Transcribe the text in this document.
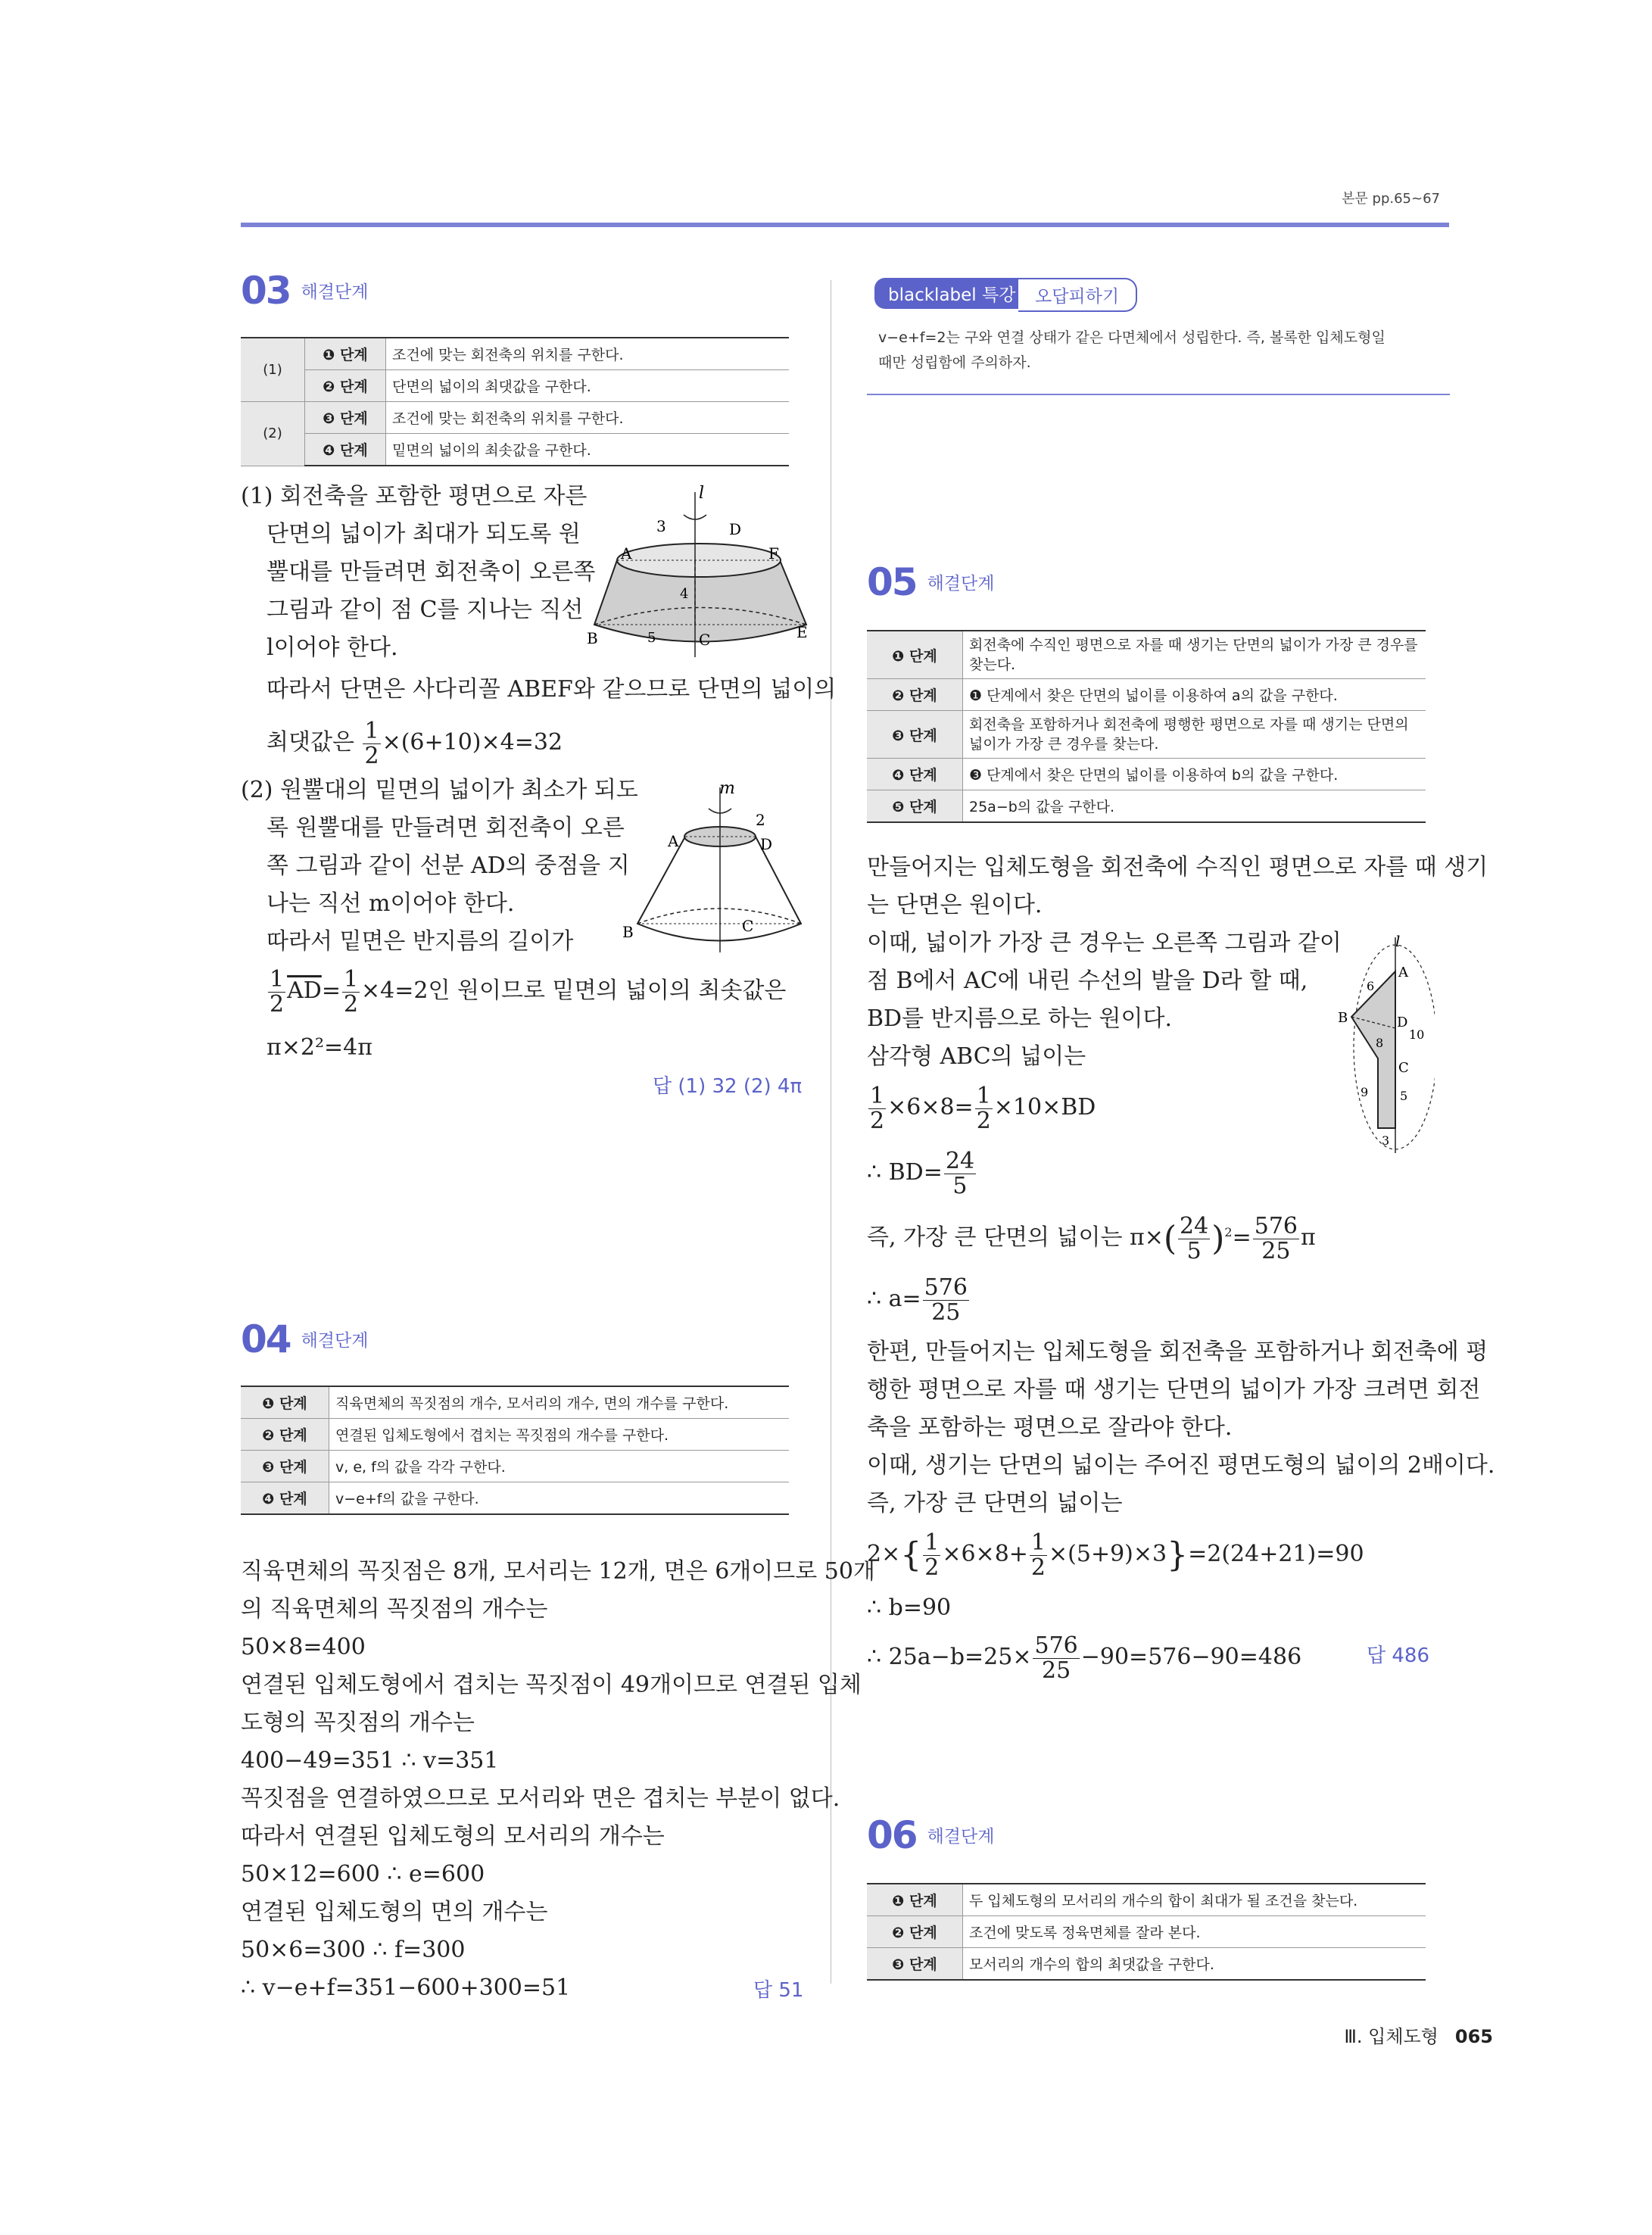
본문 pp.65~67
03 해결단계
(1)	❶ 단계	조건에 맞는 회전축의 위치를 구한다.
	❷ 단계	단면의 넓이의 최댓값을 구한다.
(2)	❸ 단계	조건에 맞는 회전축의 위치를 구한다.
	❹ 단계	밑면의 넓이의 최솟값을 구한다.
(1) 회전축을 포함한 평면으로 자른
단면의 넓이가 최대가 되도록 원
뿔대를 만들려면 회전축이 오른쪽
그림과 같이 점 C를 지나는 직선
l이어야 한다.
따라서 단면은 사다리꼴 ABEF와 같으므로 단면의 넓이의
최댓값은 $\frac{1}{2} \times(6+10)\times 4=32$
(2) 원뿔대의 밑면의 넓이가 최소가 되도
록 원뿔대를 만들려면 회전축이 오른
쪽 그림과 같이 선분 AD의 중점을 지
나는 직선 m이어야 한다.
따라서 밑면은 반지름의 길이가
$\frac{1}{2} \overline{AD}= \frac{1}{2} \times 4=2$인 원이므로 밑면의 넓이의 최솟값은
π×2²=4π
답 (1) 32 (2) 4π
l
3	D
A	F
4
B	5	C	E
m
2
A	D
B	C
04 해결단계
❶ 단계	직육면체의 꼭짓점의 개수, 모서리의 개수, 면의 개수를 구한다.
❷ 단계	연결된 입체도형에서 겹치는 꼭짓점의 개수를 구한다.
❸ 단계	v, e, f의 값을 각각 구한다.
❹ 단계	v−e+f의 값을 구한다.
직육면체의 꼭짓점은 8개, 모서리는 12개, 면은 6개이므로 50개
의 직육면체의 꼭짓점의 개수는
50×8=400
연결된 입체도형에서 겹치는 꼭짓점이 49개이므로 연결된 입체
도형의 꼭짓점의 개수는
400−49=351 ∴ v=351
꼭짓점을 연결하였으므로 모서리와 면은 겹치는 부분이 없다.
따라서 연결된 입체도형의 모서리의 개수는
50×12=600 ∴ e=600
연결된 입체도형의 면의 개수는
50×6=300 ∴ f=300
∴ v−e+f=351−600+300=51	답 51
blacklabel 특강	오답피하기
v−e+f=2는 구와 연결 상태가 같은 다면체에서 성립한다. 즉, 볼록한 입체도형일
때만 성립함에 주의하자.
05 해결단계
❶ 단계	회전축에 수직인 평면으로 자를 때 생기는 단면의 넓이가 가장 큰 경우를 찾는다.
❷ 단계	❶ 단계에서 찾은 단면의 넓이를 이용하여 a의 값을 구한다.
❸ 단계	회전축을 포함하거나 회전축에 평행한 평면으로 자를 때 생기는 단면의 넓이가 가장 큰 경우를 찾는다.
❹ 단계	❸ 단계에서 찾은 단면의 넓이를 이용하여 b의 값을 구한다.
❺ 단계	25a−b의 값을 구한다.
만들어지는 입체도형을 회전축에 수직인 평면으로 자를 때 생기
는 단면은 원이다.
이때, 넓이가 가장 큰 경우는 오른쪽 그림과 같이
점 B에서 AC에 내린 수선의 발을 D라 할 때,
BD를 반지름으로 하는 원이다.
삼각형 ABC의 넓이는
$\frac{1}{2} \times 6\times 8= \frac{1}{2} \times 10\times BD$
∴ $BD= \frac{24}{5}$
즉, 가장 큰 단면의 넓이는 $\pi\times( \frac{24}{5} )^2= \frac{576}{25}$ π
∴ $a= \frac{576}{25}$
한편, 만들어지는 입체도형을 회전축을 포함하거나 회전축에 평
행한 평면으로 자를 때 생기는 단면의 넓이가 가장 크려면 회전
축을 포함하는 평면으로 잘라야 한다.
이때, 생기는 단면의 넓이는 주어진 평면도형의 넓이의 2배이다.
즉, 가장 큰 단면의 넓이는
$2\times\{ \frac{1}{2} \times 6\times 8+ \frac{1}{2} \times(5+9)\times 3\}=2(24+21)=90$
∴ b=90
∴ $25a-b=25\times \frac{576}{25} -90=576-90=486$	답 486
l
A
6
B	D
10
8
9
C
5
3
06 해결단계
❶ 단계	두 입체도형의 모서리의 개수의 합이 최대가 될 조건을 찾는다.
❷ 단계	조건에 맞도록 정육면체를 잘라 본다.
❸ 단계	모서리의 개수의 합의 최댓값을 구한다.
Ⅲ. 입체도형 065
